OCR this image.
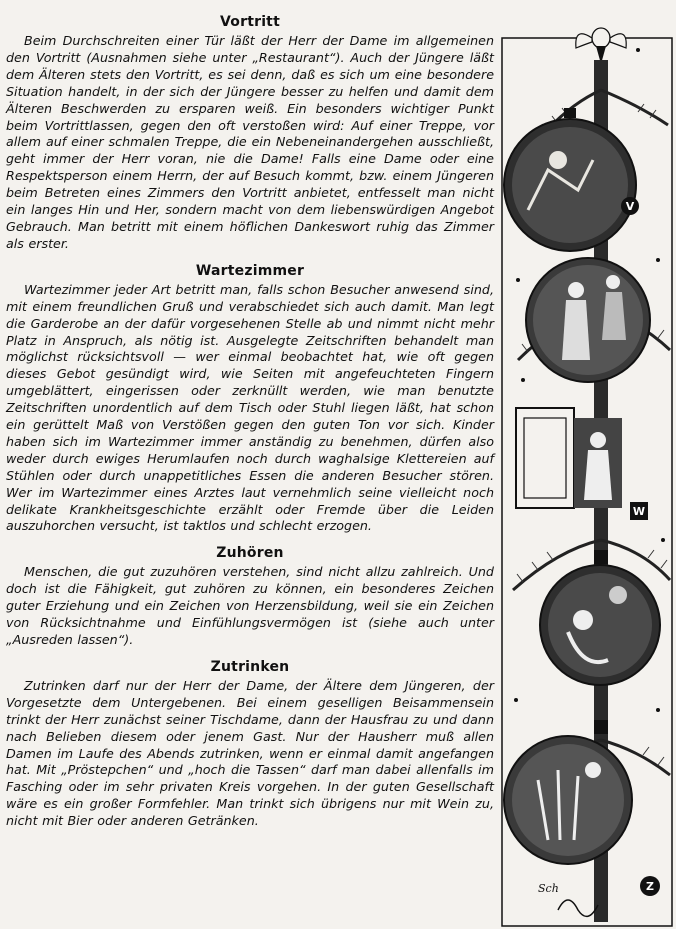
Vortritt

Beim Durchschreiten einer Tür läßt der Herr der Dame im allgemeinen den Vortritt (Ausnahmen siehe unter „Restaurant“). Auch der Jüngere läßt dem Älteren stets den Vortritt, es sei denn, daß es sich um eine besondere Situation handelt, in der sich der Jüngere besser zu helfen und damit dem Älteren Beschwerden zu ersparen weiß. Ein besonders wichtiger Punkt beim Vortrittlassen, gegen den oft verstoßen wird: Auf einer Treppe, vor allem auf einer schmalen Treppe, die ein Nebeneinandergehen ausschließt, geht immer der Herr voran, nie die Dame! Falls eine Dame oder eine Respektsperson einem Herrn, der auf Besuch kommt, bzw. einem Jüngeren beim Betreten eines Zimmers den Vortritt anbietet, entfesselt man nicht ein langes Hin und Her, sondern macht von dem liebenswürdigen Angebot Gebrauch. Man betritt mit einem höflichen Dankeswort ruhig das Zimmer als erster.

Wartezimmer

Wartezimmer jeder Art betritt man, falls schon Besucher anwesend sind, mit einem freundlichen Gruß und verabschiedet sich auch damit. Man legt die Garderobe an der dafür vorgesehenen Stelle ab und nimmt nicht mehr Platz in Anspruch, als nötig ist. Ausgelegte Zeitschriften behandelt man möglichst rücksichtsvoll — wer einmal beobachtet hat, wie oft gegen dieses Gebot gesündigt wird, wie Seiten mit angefeuchteten Fingern umgeblättert, eingerissen oder zerknüllt werden, wie man benutzte Zeitschriften unordentlich auf dem Tisch oder Stuhl liegen läßt, hat schon ein gerüttelt Maß von Verstößen gegen den guten Ton vor sich. Kinder haben sich im Wartezimmer immer anständig zu benehmen, dürfen also weder durch ewiges Herumlaufen noch durch waghalsige Klettereien auf Stühlen oder durch unappetitliches Essen die anderen Besucher stören. Wer im Wartezimmer eines Arztes laut vernehmlich seine vielleicht noch delikate Krankheitsgeschichte erzählt oder Fremde über die Leiden auszuhorchen versucht, ist taktlos und schlecht erzogen.

Zuhören

Menschen, die gut zuzuhören verstehen, sind nicht allzu zahlreich. Und doch ist die Fähigkeit, gut zuhören zu können, ein besonderes Zeichen guter Erziehung und ein Zeichen von Herzensbildung, weil sie ein Zeichen von Rücksichtnahme und Einfühlungsvermögen ist (siehe auch unter „Ausreden lassen“).

Zutrinken

Zutrinken darf nur der Herr der Dame, der Ältere dem Jüngeren, der Vorgesetzte dem Untergebenen. Bei einem geselligen Beisammensein trinkt der Herr zunächst seiner Tischdame, dann der Hausfrau zu und dann nach Belieben diesem oder jenem Gast. Nur der Hausherr muß allen Damen im Laufe des Abends zutrinken, wenn er einmal damit angefangen hat. Mit „Pröstерchen“ und „hoch die Tassen“ darf man dabei allenfalls im Fasching oder im sehr privaten Kreis vorgehen. In der guten Gesellschaft wäre es ein großer Formfehler. Man trinkt sich übrigens nur mit Wein zu, nicht mit Bier oder anderen Getränken.

V
W
Z
Sch
